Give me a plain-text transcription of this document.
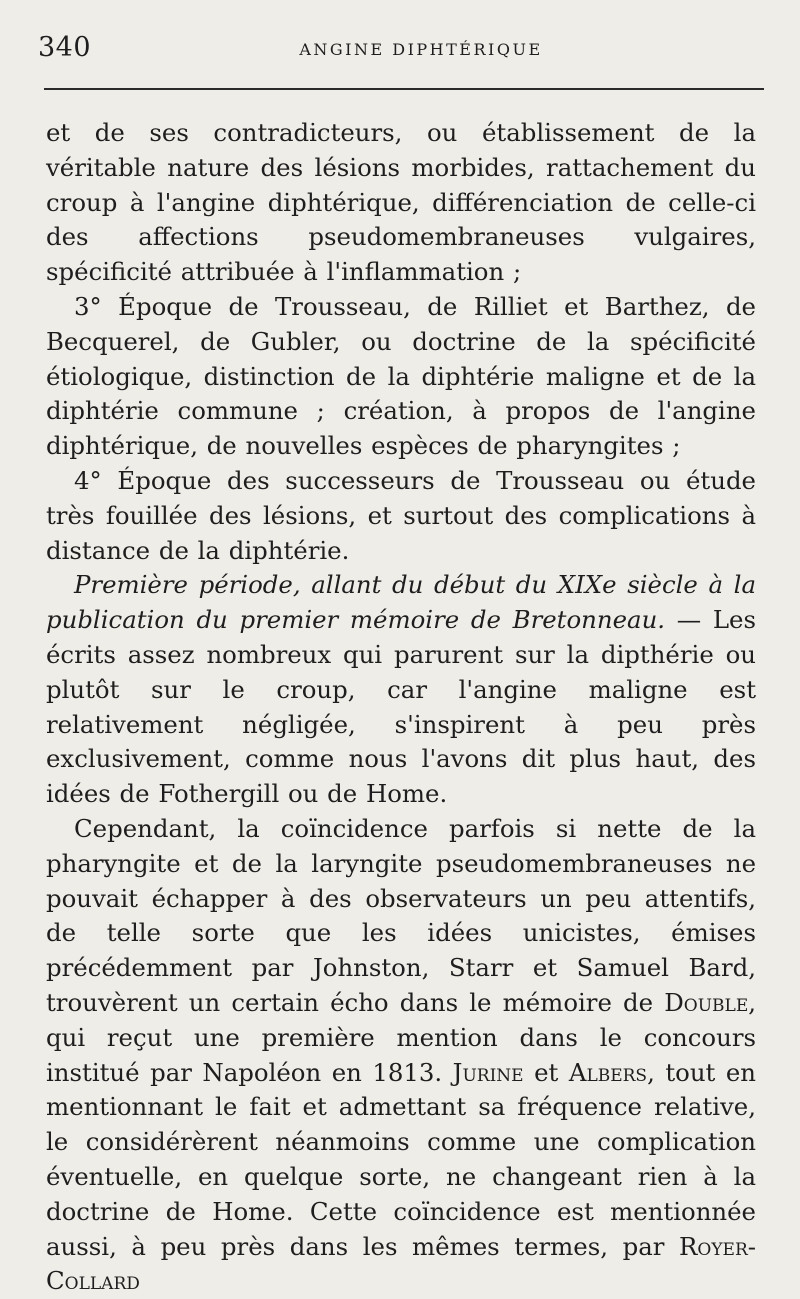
340	ANGINE DIPHTÉRIQUE

et de ses contradicteurs, ou établissement de la véritable nature des lésions morbides, rattachement du croup à l'angine diphtérique, différenciation de celle-ci des affections pseudomembraneuses vulgaires, spécificité attribuée à l'inflammation ;

3° Époque de Trousseau, de Rilliet et Barthez, de Becquerel, de Gubler, ou doctrine de la spécificité étiologique, distinction de la diphtérie maligne et de la diphtérie commune ; création, à propos de l'angine diphtérique, de nouvelles espèces de pharyngites ;

4° Époque des successeurs de Trousseau ou étude très fouillée des lésions, et surtout des complications à distance de la diphtérie.

Première période, allant du début du XIXe siècle à la publication du premier mémoire de Bretonneau. — Les écrits assez nombreux qui parurent sur la dipthérie ou plutôt sur le croup, car l'angine maligne est relativement négligée, s'inspirent à peu près exclusivement, comme nous l'avons dit plus haut, des idées de Fothergill ou de Home.

Cependant, la coïncidence parfois si nette de la pharyngite et de la laryngite pseudomembraneuses ne pouvait échapper à des observateurs un peu attentifs, de telle sorte que les idées unicistes, émises précédemment par Johnston, Starr et Samuel Bard, trouvèrent un certain écho dans le mémoire de Double, qui reçut une première mention dans le concours institué par Napoléon en 1813. Jurine et Albers, tout en mentionnant le fait et admettant sa fréquence relative, le considérèrent néanmoins comme une complication éventuelle, en quelque sorte, ne changeant rien à la doctrine de Home. Cette coïncidence est mentionnée aussi, à peu près dans les mêmes termes, par Royer-Collard
